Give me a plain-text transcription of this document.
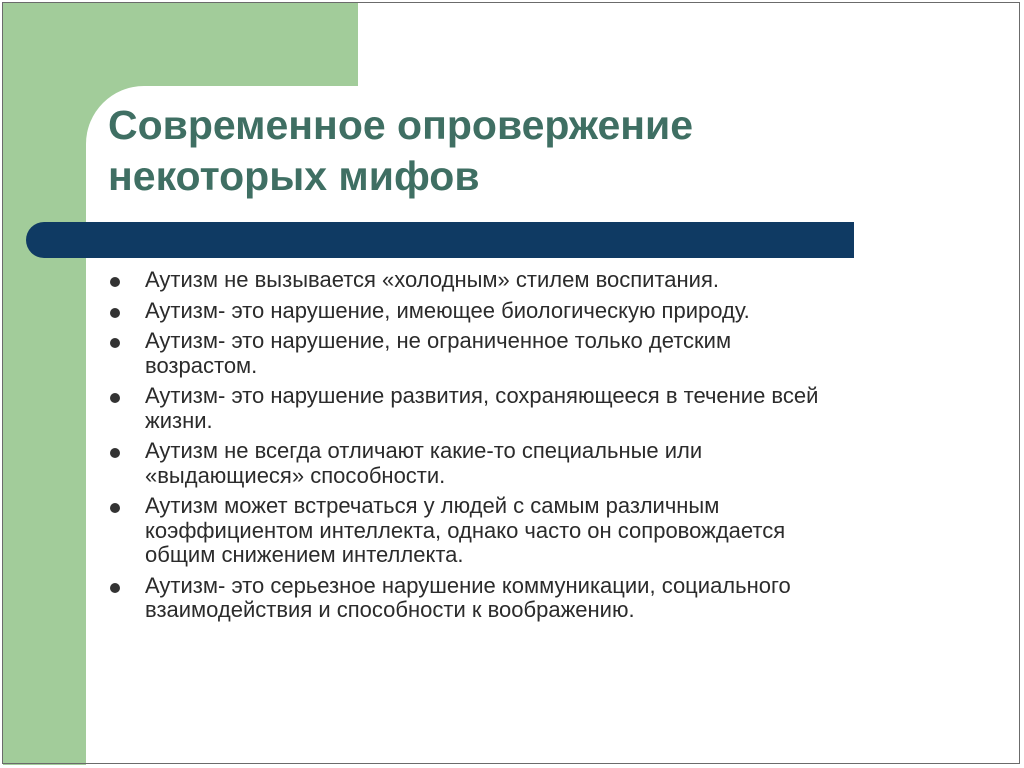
Современное опровержение
некоторых мифов
Аутизм не вызывается «холодным» стилем воспитания.
Аутизм- это нарушение, имеющее биологическую природу.
Аутизм- это нарушение, не ограниченное только детским
возрастом.
Аутизм- это нарушение развития, сохраняющееся в течение всей
жизни.
Аутизм не всегда отличают какие-то специальные или
«выдающиеся» способности.
Аутизм может встречаться у людей с самым различным
коэффициентом интеллекта, однако часто он сопровождается
общим снижением интеллекта.
Аутизм- это серьезное нарушение коммуникации, социального
взаимодействия и способности к воображению.
